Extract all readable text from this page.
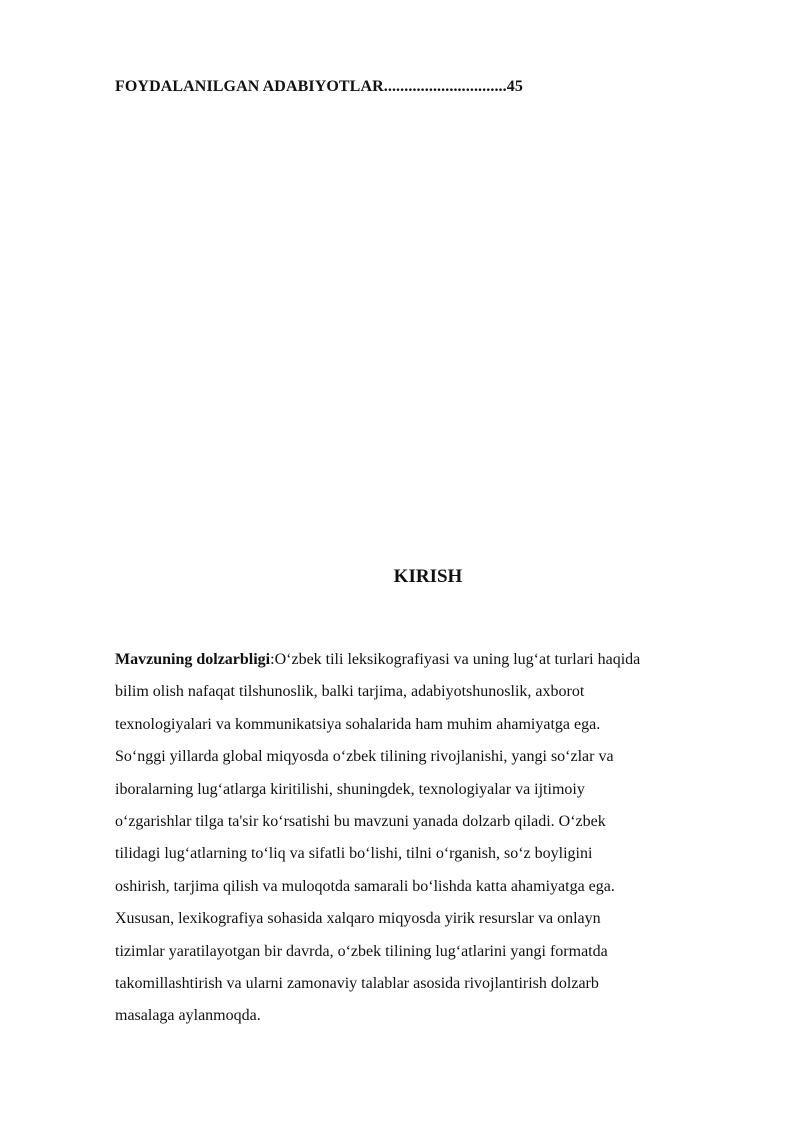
FOYDALANILGAN ADABIYOTLAR..............................45
KIRISH
Mavzuning dolzarbligi:O‘zbek tili leksikografiyasi va uning lug‘at turlari haqida
bilim olish nafaqat tilshunoslik, balki tarjima, adabiyotshunoslik, axborot
texnologiyalari va kommunikatsiya sohalarida ham muhim ahamiyatga ega.
So‘nggi yillarda global miqyosda o‘zbek tilining rivojlanishi, yangi so‘zlar va
iboralarning lug‘atlarga kiritilishi, shuningdek, texnologiyalar va ijtimoiy
o‘zgarishlar tilga ta'sir ko‘rsatishi bu mavzuni yanada dolzarb qiladi. O‘zbek
tilidagi lug‘atlarning to‘liq va sifatli bo‘lishi, tilni o‘rganish, so‘z boyligini
oshirish, tarjima qilish va muloqotda samarali bo‘lishda katta ahamiyatga ega.
Xususan, lexikografiya sohasida xalqaro miqyosda yirik resurslar va onlayn
tizimlar yaratilayotgan bir davrda, o‘zbek tilining lug‘atlarini yangi formatda
takomillashtirish va ularni zamonaviy talablar asosida rivojlantirish dolzarb
masalaga aylanmoqda.
